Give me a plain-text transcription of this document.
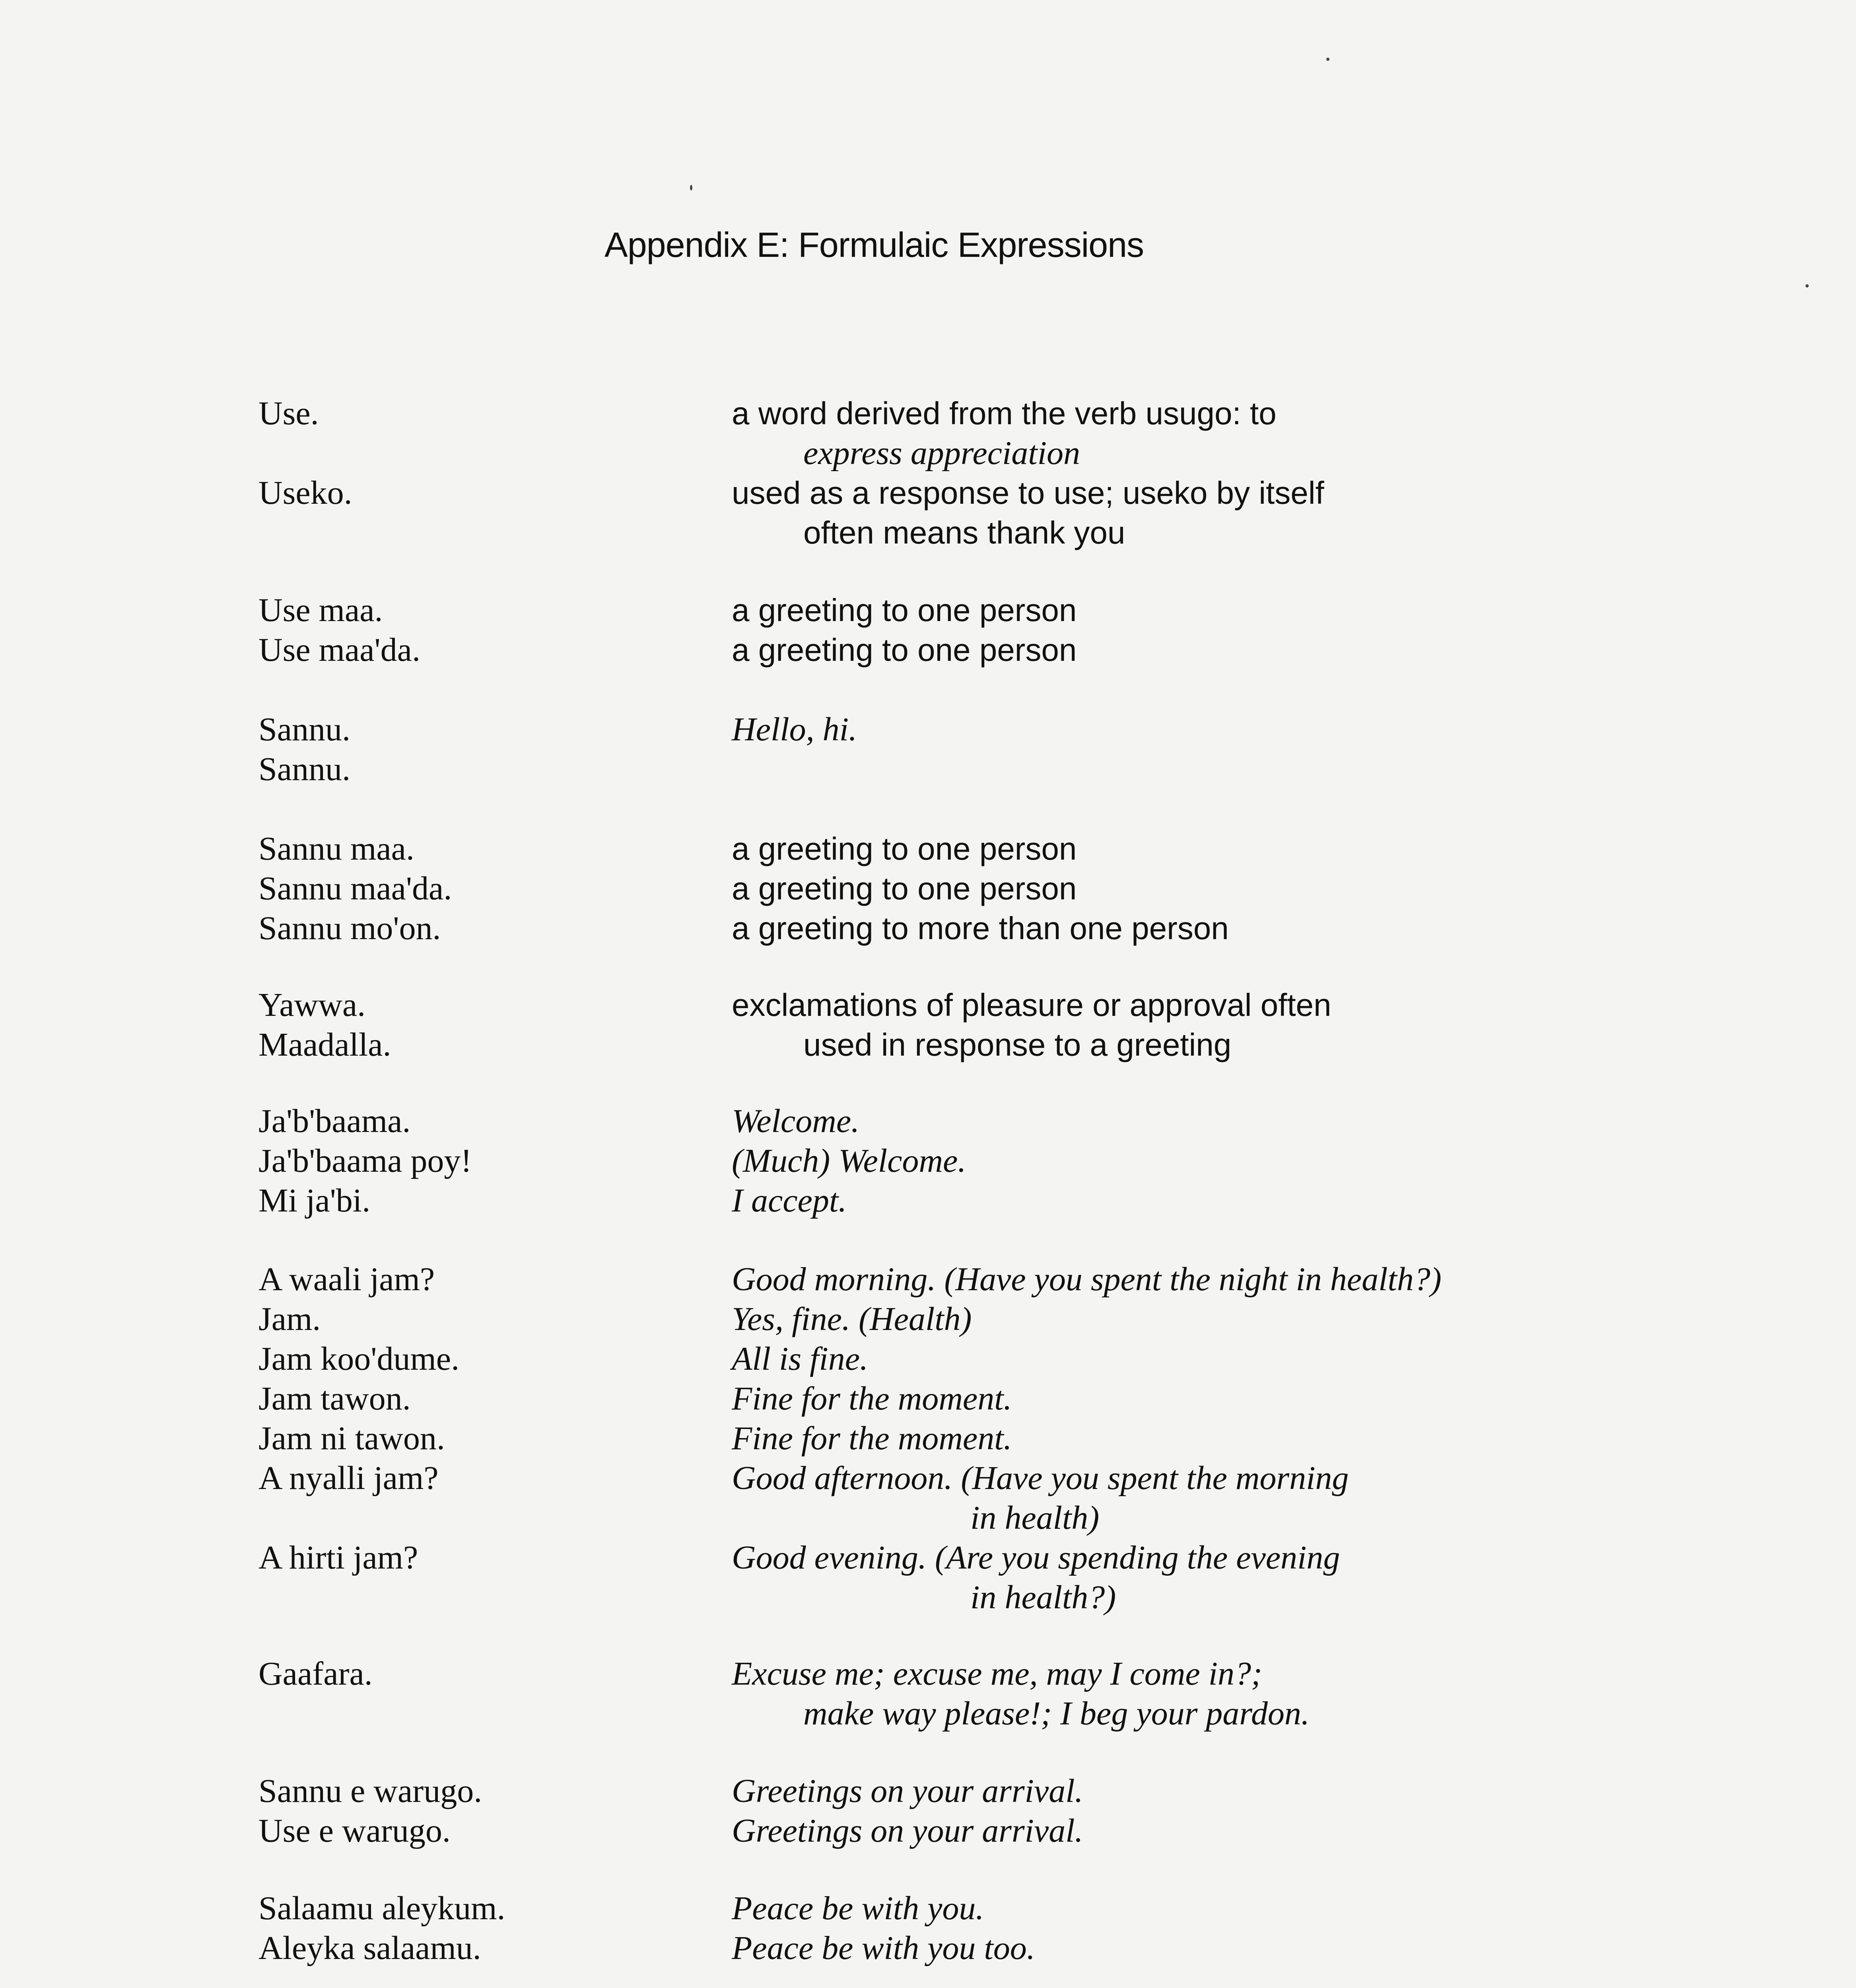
Appendix E: Formulaic Expressions
Use.	a word derived from the verb usugo: to
express appreciation
Useko.	used as a response to use; useko by itself
often means thank you
Use maa.	a greeting to one person
Use maa'da.	a greeting to one person
Sannu.	Hello, hi.
Sannu.
Sannu maa.	a greeting to one person
Sannu maa'da.	a greeting to one person
Sannu mo'on.	a greeting to more than one person
Yawwa.	exclamations of pleasure or approval often
Maadalla.	used in response to a greeting
Ja'b'baama.	Welcome.
Ja'b'baama poy!	(Much) Welcome.
Mi ja'bi.	I accept.
A waali jam?	Good morning. (Have you spent the night in health?)
Jam.	Yes, fine. (Health)
Jam koo'dume.	All is fine.
Jam tawon.	Fine for the moment.
Jam ni tawon.	Fine for the moment.
A nyalli jam?	Good afternoon. (Have you spent the morning
in health)
A hirti jam?	Good evening. (Are you spending the evening
in health?)
Gaafara.	Excuse me; excuse me, may I come in?;
make way please!; I beg your pardon.
Sannu e warugo.	Greetings on your arrival.
Use e warugo.	Greetings on your arrival.
Salaamu aleykum.	Peace be with you.
Aleyka salaamu.	Peace be with you too.
